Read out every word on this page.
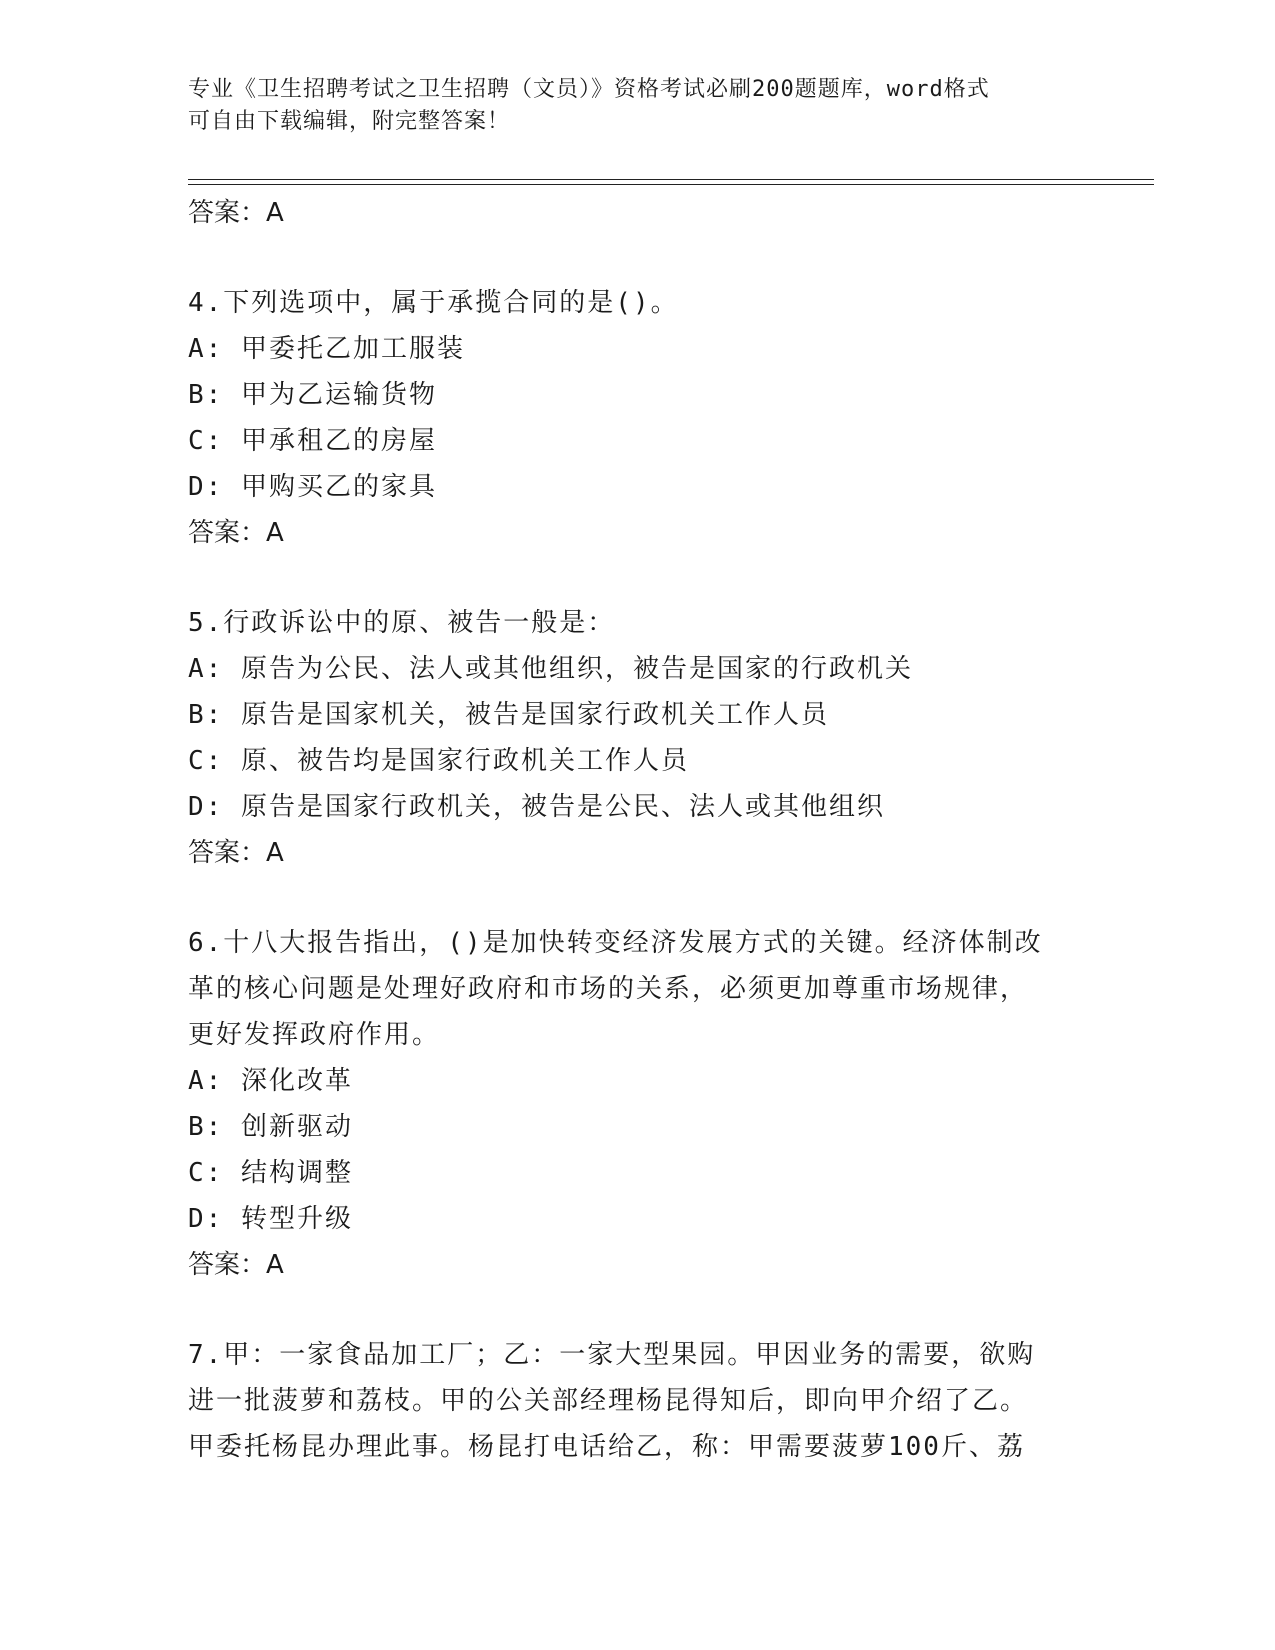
专业《卫生招聘考试之卫生招聘（文员）》资格考试必刷200题题库，word格式
可自由下载编辑，附完整答案！

答案：A

4.下列选项中，属于承揽合同的是()。

A: 甲委托乙加工服装

B: 甲为乙运输货物

C: 甲承租乙的房屋

D: 甲购买乙的家具

答案：A

5.行政诉讼中的原、被告一般是：

A: 原告为公民、法人或其他组织，被告是国家的行政机关

B: 原告是国家机关，被告是国家行政机关工作人员

C: 原、被告均是国家行政机关工作人员

D: 原告是国家行政机关，被告是公民、法人或其他组织

答案：A

6.十八大报告指出，()是加快转变经济发展方式的关键。经济体制改

革的核心问题是处理好政府和市场的关系，必须更加尊重市场规律，

更好发挥政府作用。

A: 深化改革

B: 创新驱动

C: 结构调整

D: 转型升级

答案：A

7.甲：一家食品加工厂；乙：一家大型果园。甲因业务的需要，欲购

进一批菠萝和荔枝。甲的公关部经理杨昆得知后，即向甲介绍了乙。

甲委托杨昆办理此事。杨昆打电话给乙，称：甲需要菠萝100斤、荔
